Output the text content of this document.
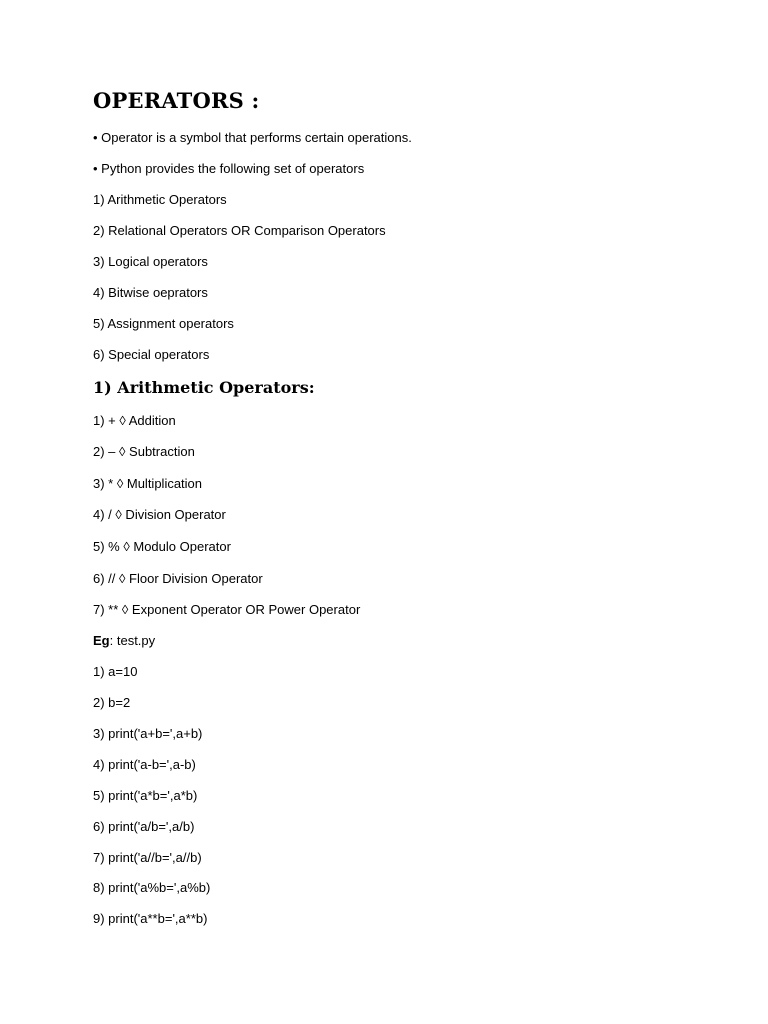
OPERATORS :
• Operator is a symbol that performs certain operations.
• Python provides the following set of operators
1) Arithmetic Operators
2) Relational Operators OR Comparison Operators
3) Logical operators
4) Bitwise oeprators
5) Assignment operators
6) Special operators
1) Arithmetic Operators:
1) + ◊ Addition
2) – ◊ Subtraction
3) * ◊ Multiplication
4) / ◊ Division Operator
5) % ◊ Modulo Operator
6) // ◊ Floor Division Operator
7) ** ◊ Exponent Operator OR Power Operator
Eg: test.py
1) a=10
2) b=2
3) print('a+b=',a+b)
4) print('a-b=',a-b)
5) print('a*b=',a*b)
6) print('a/b=',a/b)
7) print('a//b=',a//b)
8) print('a%b=',a%b)
9) print('a**b=',a**b)
